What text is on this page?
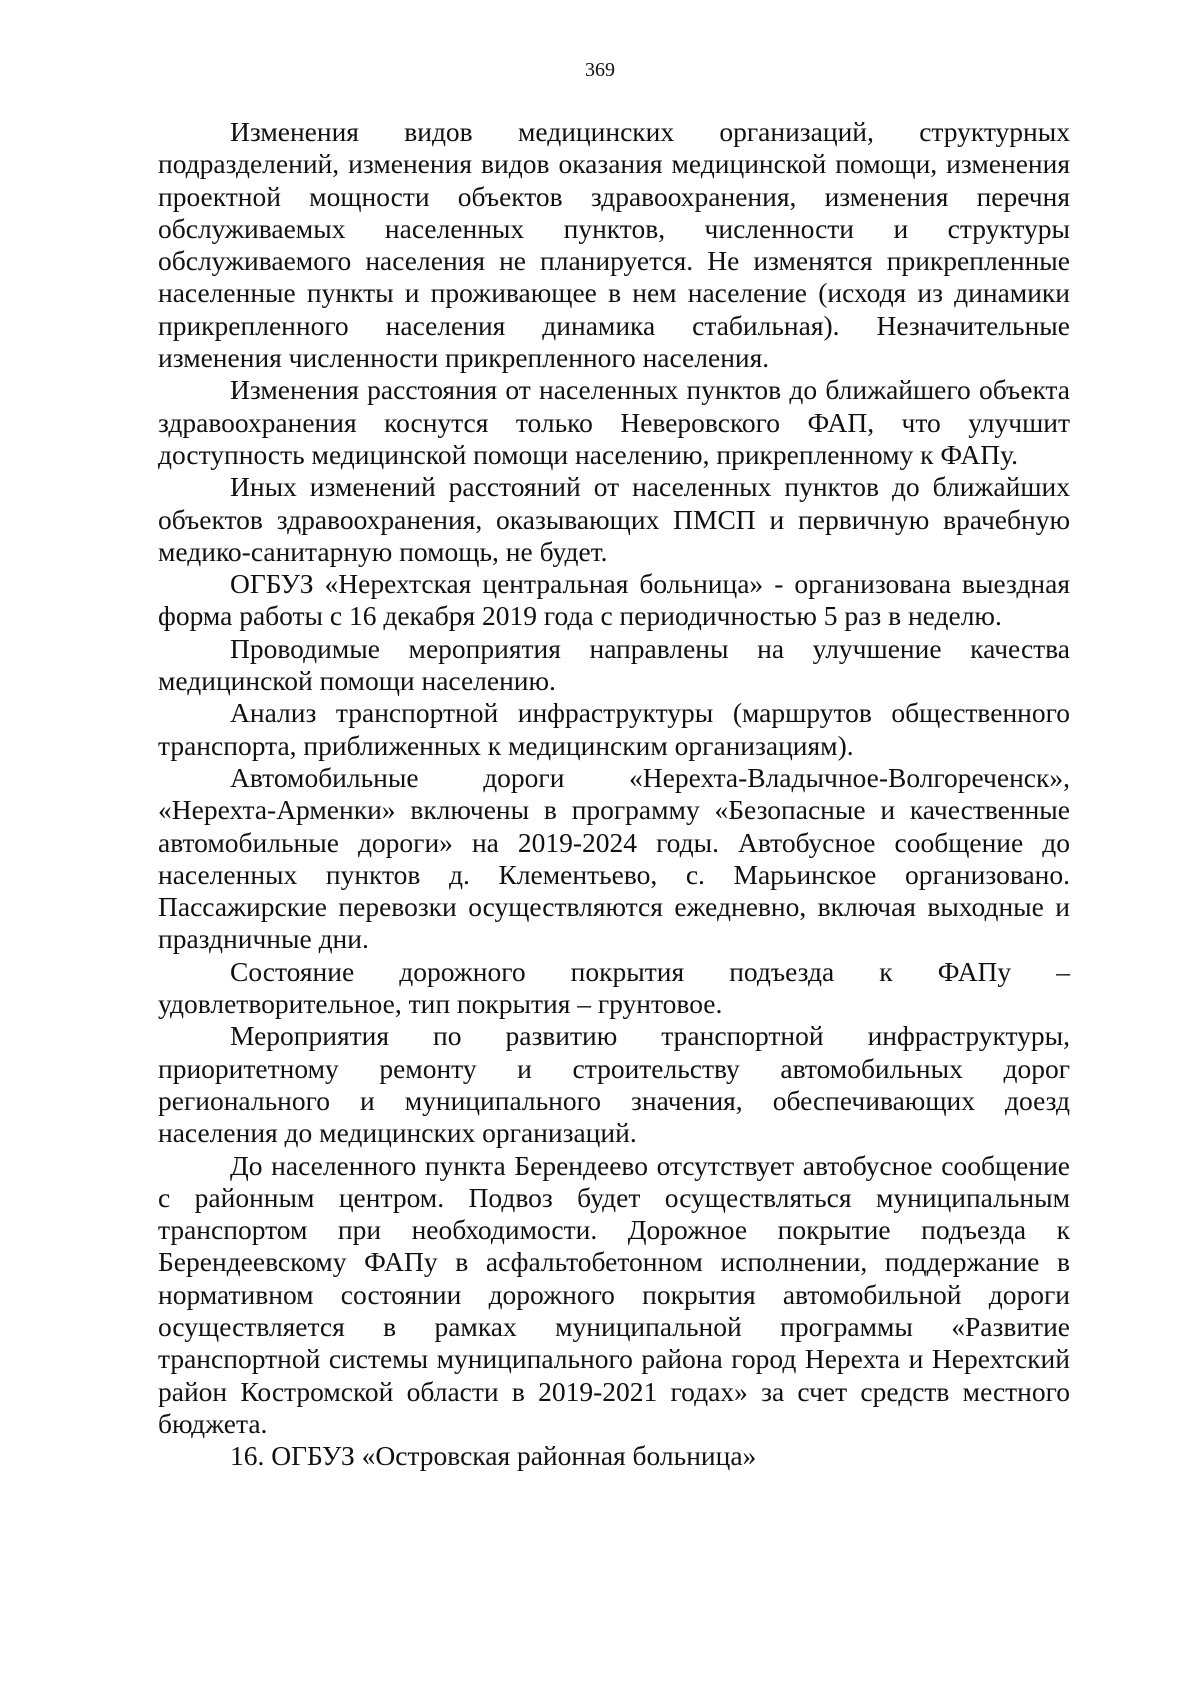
369

Изменения видов медицинских организаций, структурных подразделений, изменения видов оказания медицинской помощи, изменения проектной мощности объектов здравоохранения, изменения перечня обслуживаемых населенных пунктов, численности и структуры обслуживаемого населения не планируется. Не изменятся прикрепленные населенные пункты и проживающее в нем население (исходя из динамики прикрепленного населения динамика стабильная). Незначительные изменения численности прикрепленного населения.

Изменения расстояния от населенных пунктов до ближайшего объекта здравоохранения коснутся только Неверовского ФАП, что улучшит доступность медицинской помощи населению, прикрепленному к ФАПу.

Иных изменений расстояний от населенных пунктов до ближайших объектов здравоохранения, оказывающих ПМСП и первичную врачебную медико-санитарную помощь, не будет.

ОГБУЗ «Нерехтская центральная больница» - организована выездная форма работы с 16 декабря 2019 года с периодичностью 5 раз в неделю.

Проводимые мероприятия направлены на улучшение качества медицинской помощи населению.

Анализ транспортной инфраструктуры (маршрутов общественного транспорта, приближенных к медицинским организациям).

Автомобильные дороги «Нерехта-Владычное-Волгореченск», «Нерехта-Арменки» включены в программу «Безопасные и качественные автомобильные дороги» на 2019-2024 годы. Автобусное сообщение до населенных пунктов д. Клементьево, с. Марьинское организовано. Пассажирские перевозки осуществляются ежедневно, включая выходные и праздничные дни.

Состояние дорожного покрытия подъезда к ФАПу – удовлетворительное, тип покрытия – грунтовое.

Мероприятия по развитию транспортной инфраструктуры, приоритетному ремонту и строительству автомобильных дорог регионального и муниципального значения, обеспечивающих доезд населения до медицинских организаций.

До населенного пункта Берендеево отсутствует автобусное сообщение с районным центром. Подвоз будет осуществляться муниципальным транспортом при необходимости. Дорожное покрытие подъезда к Берендеевскому ФАПу в асфальтобетонном исполнении, поддержание в нормативном состоянии дорожного покрытия автомобильной дороги осуществляется в рамках муниципальной программы «Развитие транспортной системы муниципального района город Нерехта и Нерехтский район Костромской области в 2019-2021 годах» за счет средств местного бюджета.

16. ОГБУЗ «Островская районная больница»
